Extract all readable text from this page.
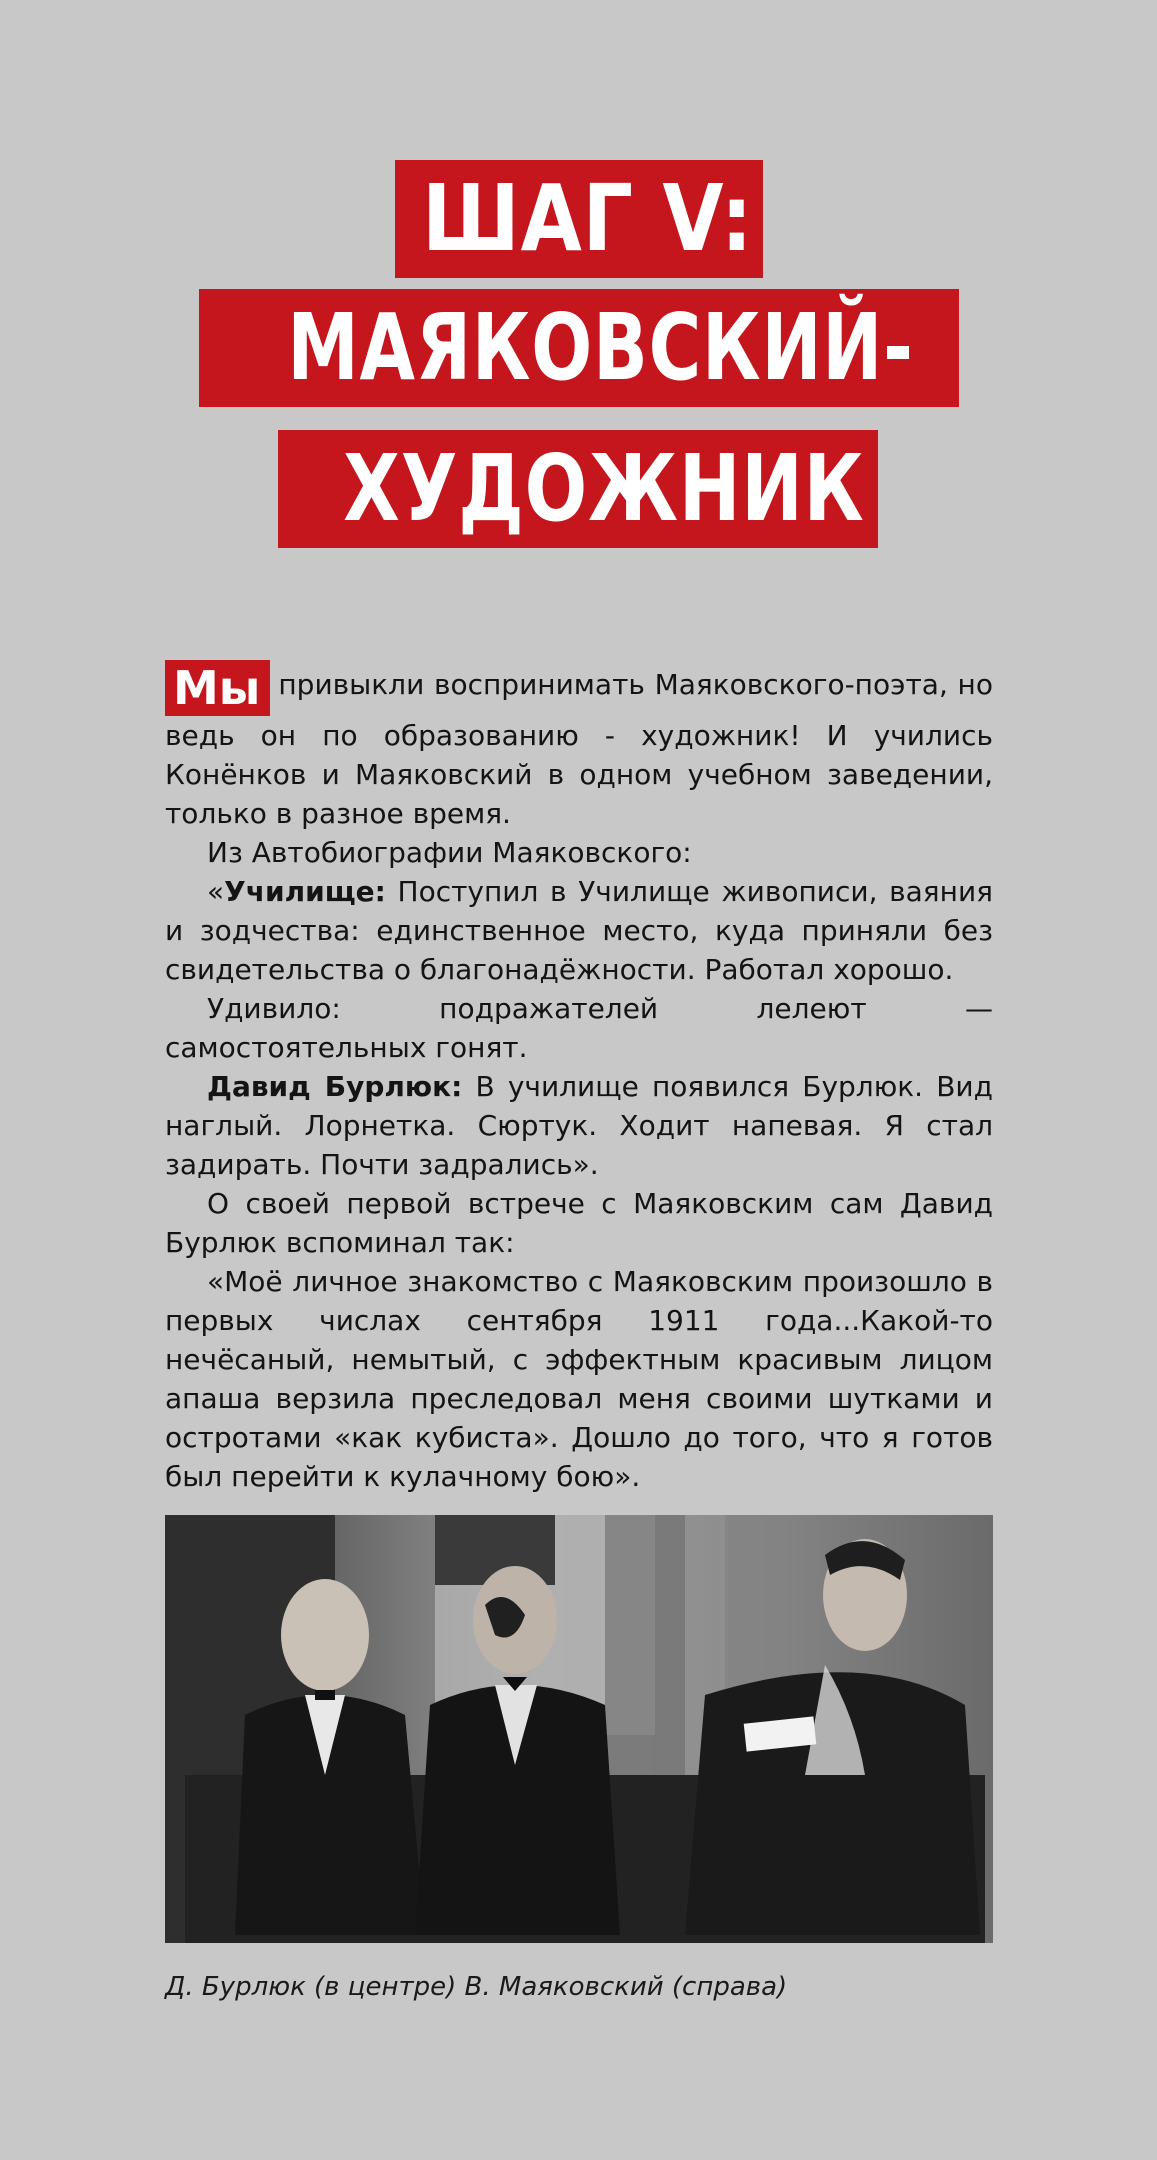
ШАГ V:
МАЯКОВСКИЙ-
ХУДОЖНИК

Мы привыкли воспринимать Маяковского-поэта, но ведь он по образованию - художник! И учились Конёнков и Маяковский в одном учебном заведении, только в разное время.

Из Автобиографии Маяковского:

«Училище: Поступил в Училище живописи, ваяния и зодчества: единственное место, куда приняли без свидетельства о благонадёжности. Работал хорошо.

Удивило: подражателей лелеют — самостоятельных гонят.

Давид Бурлюк: В училище появился Бурлюк. Вид наглый. Лорнетка. Сюртук. Ходит напевая. Я стал задирать. Почти задрались».

О своей первой встрече с Маяковским сам Давид Бурлюк вспоминал так:

«Моё личное знакомство с Маяковским произошло в первых числах сентября 1911 года...Какой-то нечёсаный, немытый, с эффектным красивым лицом апаша верзила преследовал меня своими шутками и остротами «как кубиста». Дошло до того, что я готов был перейти к кулачному бою».

Д. Бурлюк (в центре) В. Маяковский (справа)
